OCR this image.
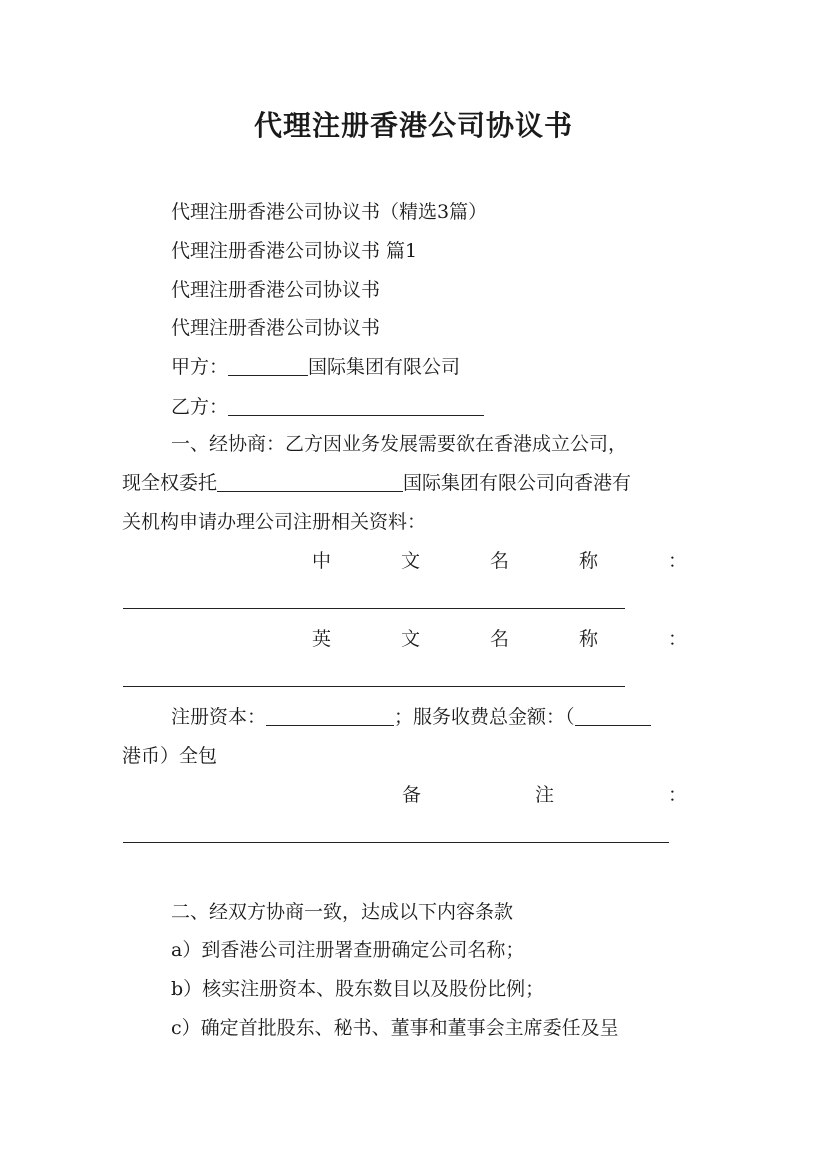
代理注册香港公司协议书
代理注册香港公司协议书（精选3篇）
代理注册香港公司协议书 篇1
代理注册香港公司协议书
代理注册香港公司协议书
甲方：	国际集团有限公司
乙方：
一、经协商：乙方因业务发展需要欲在香港成立公司，
现全权委托	国际集团有限公司向香港有
关机构申请办理公司注册相关资料：
中	文	名	称	：
英	文	名	称	：
注册资本：	；服务收费总金额：（
港币）全包
备	注	：
二、经双方协商一致，达成以下内容条款
a）到香港公司注册署查册确定公司名称；
b）核实注册资本、股东数目以及股份比例；
c）确定首批股东、秘书、董事和董事会主席委任及呈
